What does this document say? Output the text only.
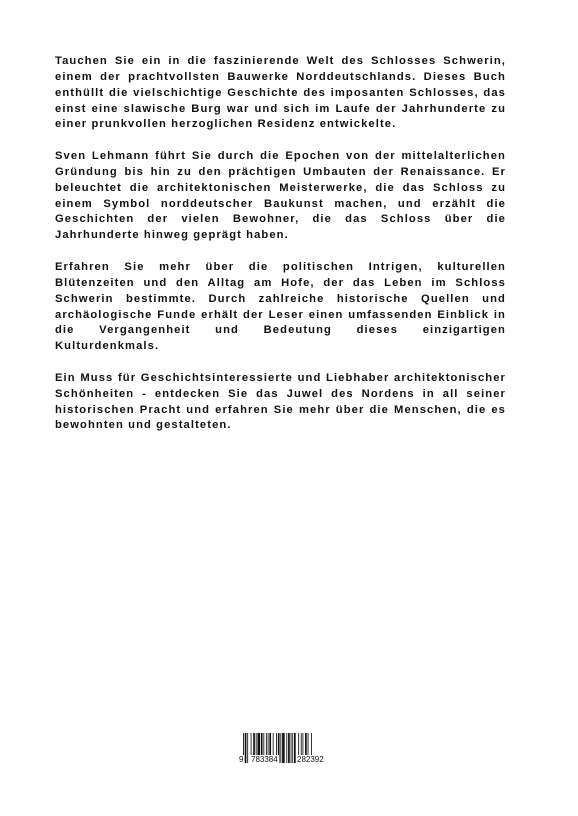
Tauchen Sie ein in die faszinierende Welt des Schlosses Schwerin, einem der prachtvollsten Bauwerke Norddeutschlands. Dieses Buch enthüllt die vielschichtige Geschichte des imposanten Schlosses, das einst eine slawische Burg war und sich im Laufe der Jahrhunderte zu einer prunkvollen herzoglichen Residenz entwickelte.

Sven Lehmann führt Sie durch die Epochen von der mittelalterlichen Gründung bis hin zu den prächtigen Umbauten der Renaissance. Er beleuchtet die architektonischen Meisterwerke, die das Schloss zu einem Symbol norddeutscher Baukunst machen, und erzählt die Geschichten der vielen Bewohner, die das Schloss über die Jahrhunderte hinweg geprägt haben.

Erfahren Sie mehr über die politischen Intrigen, kulturellen Blütenzeiten und den Alltag am Hofe, der das Leben im Schloss Schwerin bestimmte. Durch zahlreiche historische Quellen und archäologische Funde erhält der Leser einen umfassenden Einblick in die Vergangenheit und Bedeutung dieses einzigartigen Kulturdenkmals.

Ein Muss für Geschichtsinteressierte und Liebhaber architektonischer Schönheiten - entdecken Sie das Juwel des Nordens in all seiner historischen Pracht und erfahren Sie mehr über die Menschen, die es bewohnten und gestalteten.

9 783384 282392
